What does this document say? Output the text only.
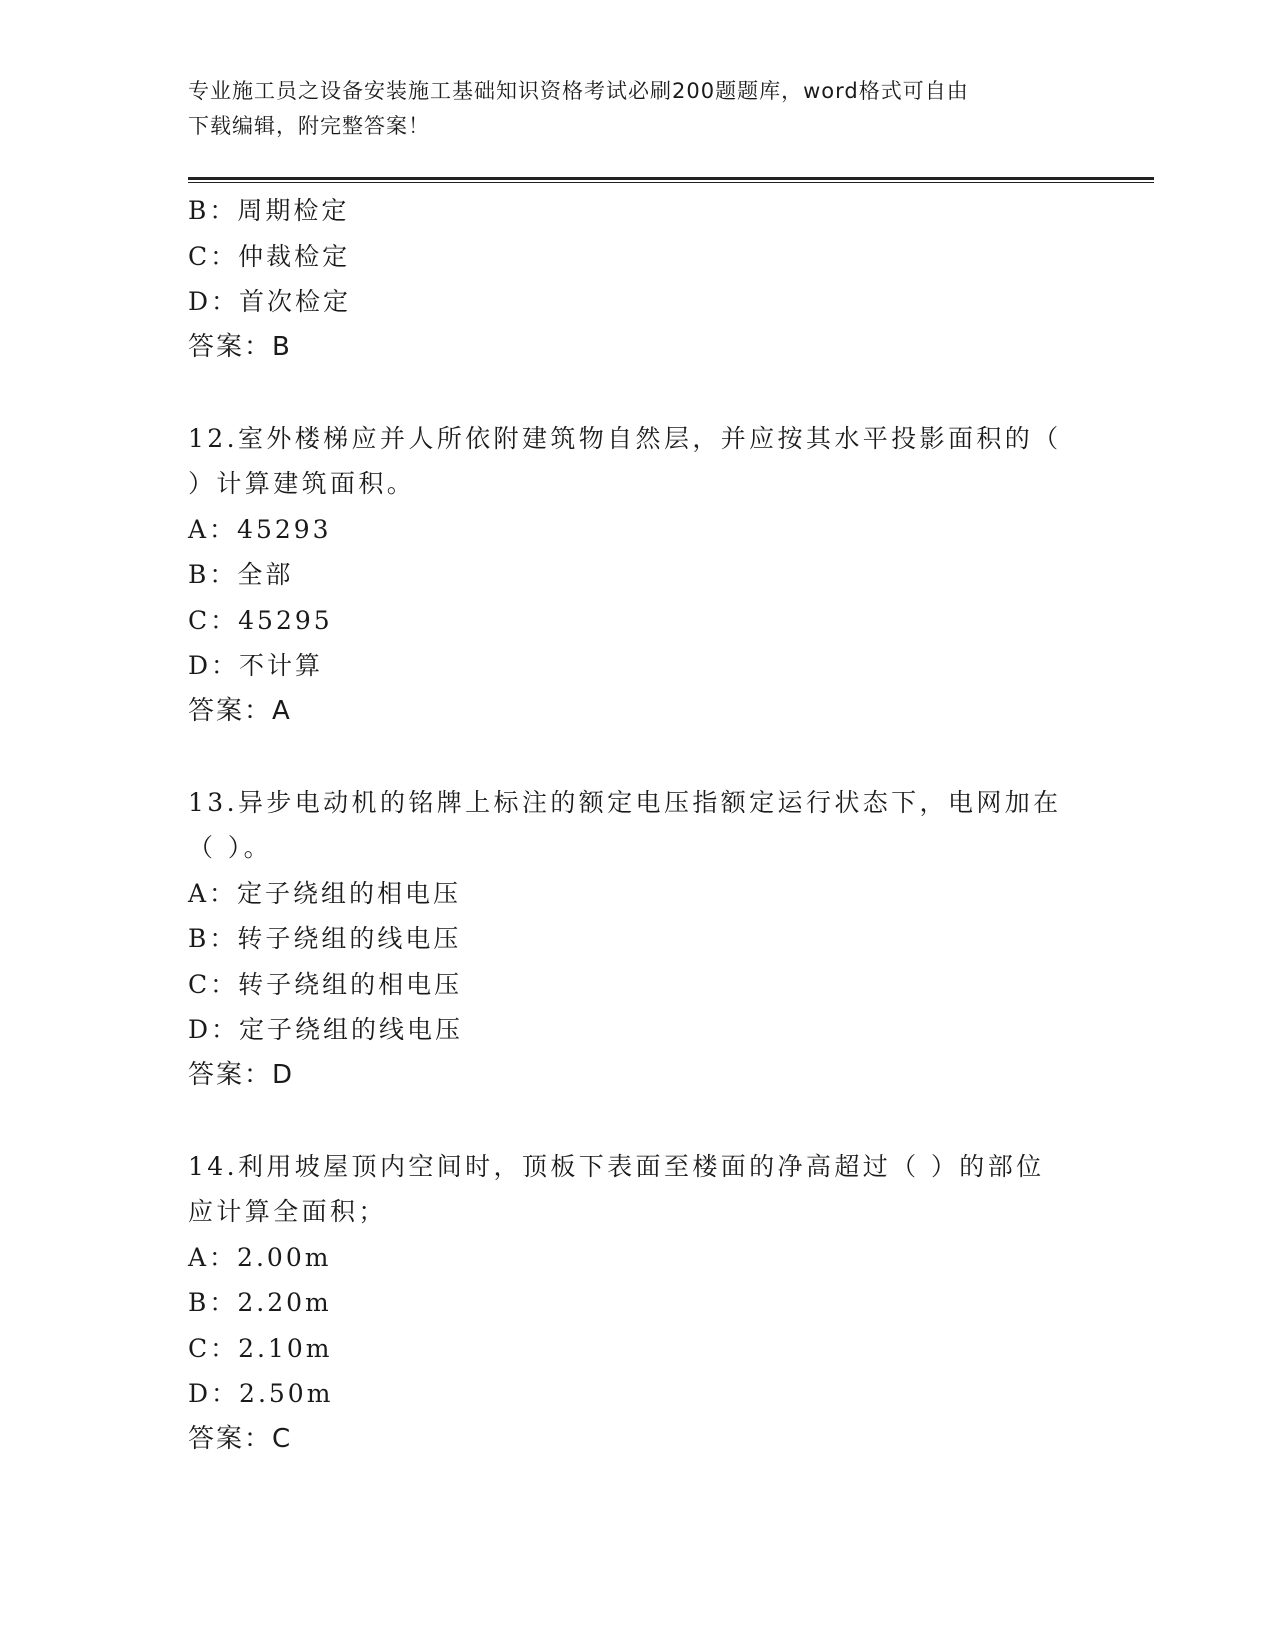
专业施工员之设备安装施工基础知识资格考试必刷200题题库，word格式可自由
下载编辑，附完整答案！
B：周期检定
C：仲裁检定
D：首次检定
答案：B
12.室外楼梯应并人所依附建筑物自然层，并应按其水平投影面积的（
）计算建筑面积。
A：45293
B：全部
C：45295
D：不计算
答案：A
13.异步电动机的铭牌上标注的额定电压指额定运行状态下，电网加在
（ ）。
A：定子绕组的相电压
B：转子绕组的线电压
C：转子绕组的相电压
D：定子绕组的线电压
答案：D
14.利用坡屋顶内空间时，顶板下表面至楼面的净高超过（ ）的部位
应计算全面积；
A：2.00m
B：2.20m
C：2.10m
D：2.50m
答案：C
